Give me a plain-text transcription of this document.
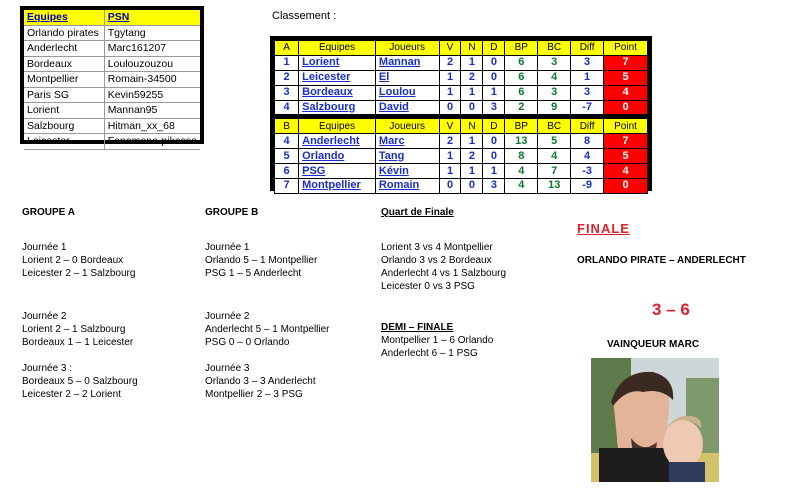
Equipes	PSN
Orlando pirates	Tgytang
Anderlecht	Marc161207
Bordeaux	Loulouzouzou
Montpellier	Romain-34500
Paris SG	Kevin59255
Lorient	Mannan95
Salzbourg	Hitman_xx_68
Leicester	Fenomeno-pikasso
Classement :
A	Equipes	Joueurs	V	N	D	BP	BC	Diff	Point
1	Lorient	Mannan	2	1	0	6	3	3	7
2	Leicester	El	1	2	0	6	4	1	5
3	Bordeaux	Loulou	1	1	1	6	3	3	4
4	Salzbourg	David	0	0	3	2	9	-7	0

B	Equipes	Joueurs	V	N	D	BP	BC	Diff	Point
4	Anderlecht	Marc	2	1	0	13	5	8	7
5	Orlando	Tang	1	2	0	8	4	4	5
6	PSG	Kévin	1	1	1	4	7	-3	4
7	Montpellier	Romain	0	0	3	4	13	-9	0
GROUPE A
Journée 1
Lorient 2 – 0 Bordeaux
Leicester 2 – 1 Salzbourg
Journée 2
Lorient 2 – 1 Salzbourg
Bordeaux 1 – 1 Leicester
Journée 3 :
Bordeaux 5 – 0 Salzbourg
Leicester 2 – 2 Lorient
GROUPE B
Journée 1
Orlando 5 – 1 Montpellier
PSG 1 – 5 Anderlecht
Journée 2
Anderlecht 5 – 1 Montpellier
PSG 0 – 0 Orlando
Journée 3
Orlando 3 – 3 Anderlecht
Montpellier 2 – 3 PSG
Quart de Finale
Lorient 3 vs 4 Montpellier
Orlando 3 vs 2 Bordeaux
Anderlecht 4 vs 1 Salzbourg
Leicester 0 vs 3 PSG
DEMI – FINALE
Montpellier 1 – 6 Orlando
Anderlecht 6 – 1 PSG
FINALE
ORLANDO PIRATE – ANDERLECHT
3 – 6
VAINQUEUR MARC
